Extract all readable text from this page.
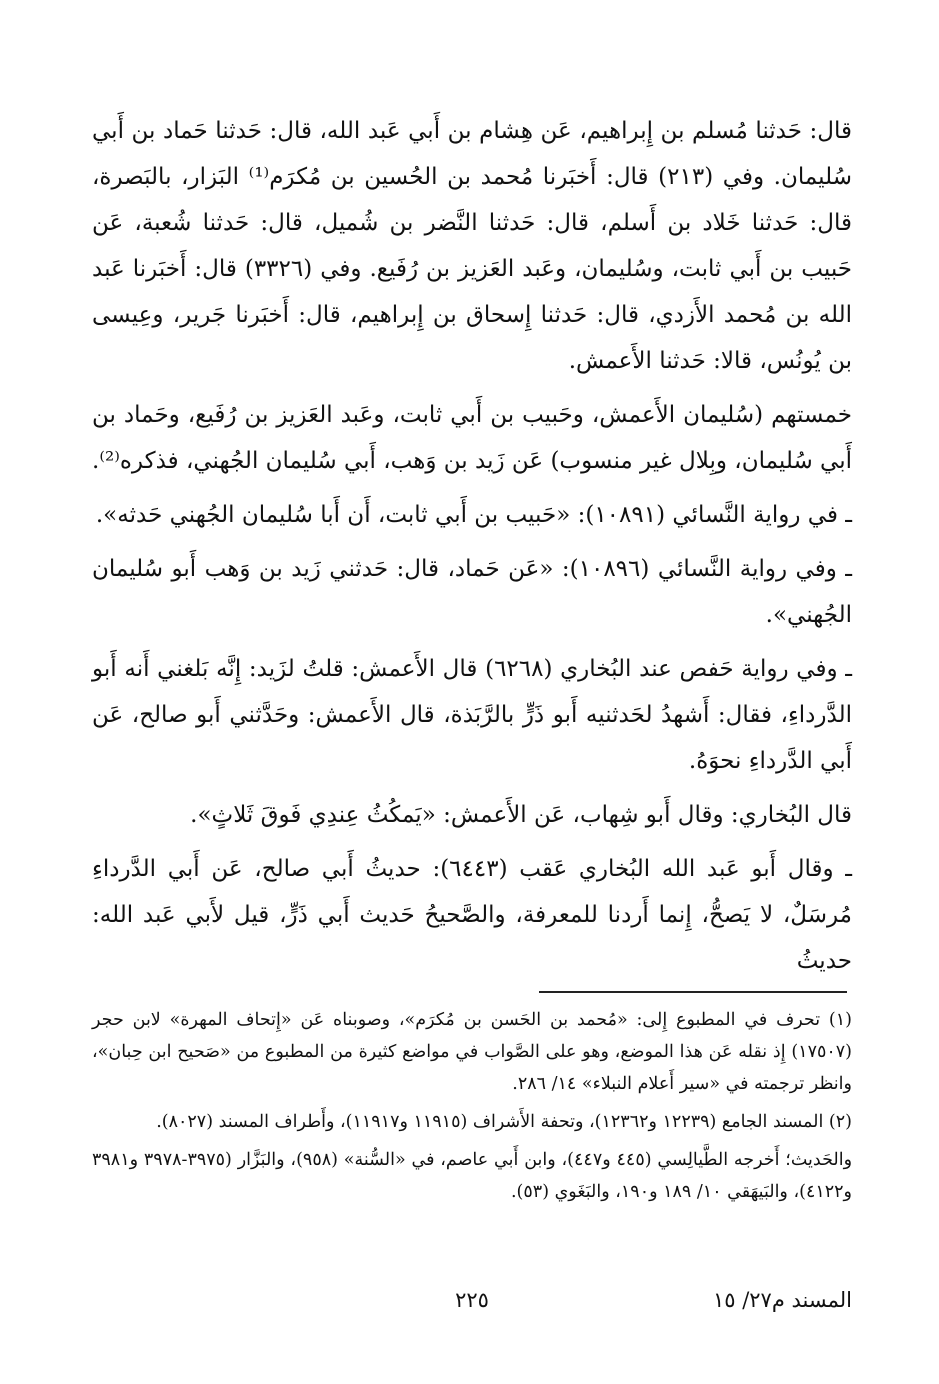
قال: حَدثنا مُسلم بن إِبراهيم، عَن هِشام بن أَبي عَبد الله، قال: حَدثنا حَماد بن أَبي سُليمان. وفي (٢١٣) قال: أَخبَرنا مُحمد بن الحُسين بن مُكرَم⁽¹⁾ البَزار، بالبَصرة، قال: حَدثنا خَلاد بن أَسلم، قال: حَدثنا النَّضر بن شُميل، قال: حَدثنا شُعبة، عَن حَبيب بن أَبي ثابت، وسُليمان، وعَبد العَزيز بن رُفَيع. وفي (٣٣٢٦) قال: أَخبَرنا عَبد الله بن مُحمد الأَزدي، قال: حَدثنا إِسحاق بن إِبراهيم، قال: أَخبَرنا جَرير، وعِيسى بن يُونُس، قالا: حَدثنا الأَعمش.

خمستهم (سُليمان الأَعمش، وحَبيب بن أَبي ثابت، وعَبد العَزيز بن رُفَيع، وحَماد بن أَبي سُليمان، وبِلال غير منسوب) عَن زَيد بن وَهب، أَبي سُليمان الجُهني، فذكره⁽²⁾.

ـ في رواية النَّسائي (١٠٨٩١): «حَبيب بن أَبي ثابت، أَن أَبا سُليمان الجُهني حَدثه».

ـ وفي رواية النَّسائي (١٠٨٩٦): «عَن حَماد، قال: حَدثني زَيد بن وَهب أَبو سُليمان الجُهني».

ـ وفي رواية حَفص عند البُخاري (٦٢٦٨) قال الأَعمش: قلتُ لزَيد: إِنَّه بَلغني أَنه أَبو الدَّرداءِ، فقال: أَشهدُ لحَدثنيه أَبو ذَرٍّ بالرَّبَذة، قال الأَعمش: وحَدَّثني أَبو صالح، عَن أَبي الدَّرداءِ نحوَهُ.

قال البُخاري: وقال أَبو شِهاب، عَن الأَعمش: «يَمكُثُ عِندِي فَوقَ ثَلاثٍ».

ـ وقال أَبو عَبد الله البُخاري عَقب (٦٤٤٣): حديثُ أَبي صالح، عَن أَبي الدَّرداءِ مُرسَلٌ، لا يَصحُّ، إِنما أَردنا للمعرفة، والصَّحيحُ حَديث أَبي ذَرٍّ، قيل لأَبي عَبد الله: حديثُ

(١) تحرف في المطبوع إِلى: «مُحمد بن الحَسن بن مُكرَم»، وصوبناه عَن «إِتحاف المهرة» لابن حجر (١٧٥٠٧) إِذ نقله عَن هذا الموضع، وهو على الصَّواب في مواضع كثيرة من المطبوع من «صَحيح ابن حِبان»، وانظر ترجمته في «سير أَعلام النبلاء» ١٤/ ٢٨٦.

(٢) المسند الجامع (١٢٢٣٩ و١٢٣٦٢)، وتحفة الأَشراف (١١٩١٥ و١١٩١٧)، وأَطراف المسند (٨٠٢٧).

والحَديث؛ أَخرجه الطَّيالِسي (٤٤٥ و٤٤٧)، وابن أَبي عاصم، في «السُّنة» (٩٥٨)، والبَزَّار (٣٩٧٥-٣٩٧٨ و٣٩٨١ و٤١٢٢)، والبَيهَقي ١٠/ ١٨٩ و١٩٠، والبَغَوي (٥٣).

المسند م٢٧/ ١٥
٢٢٥
